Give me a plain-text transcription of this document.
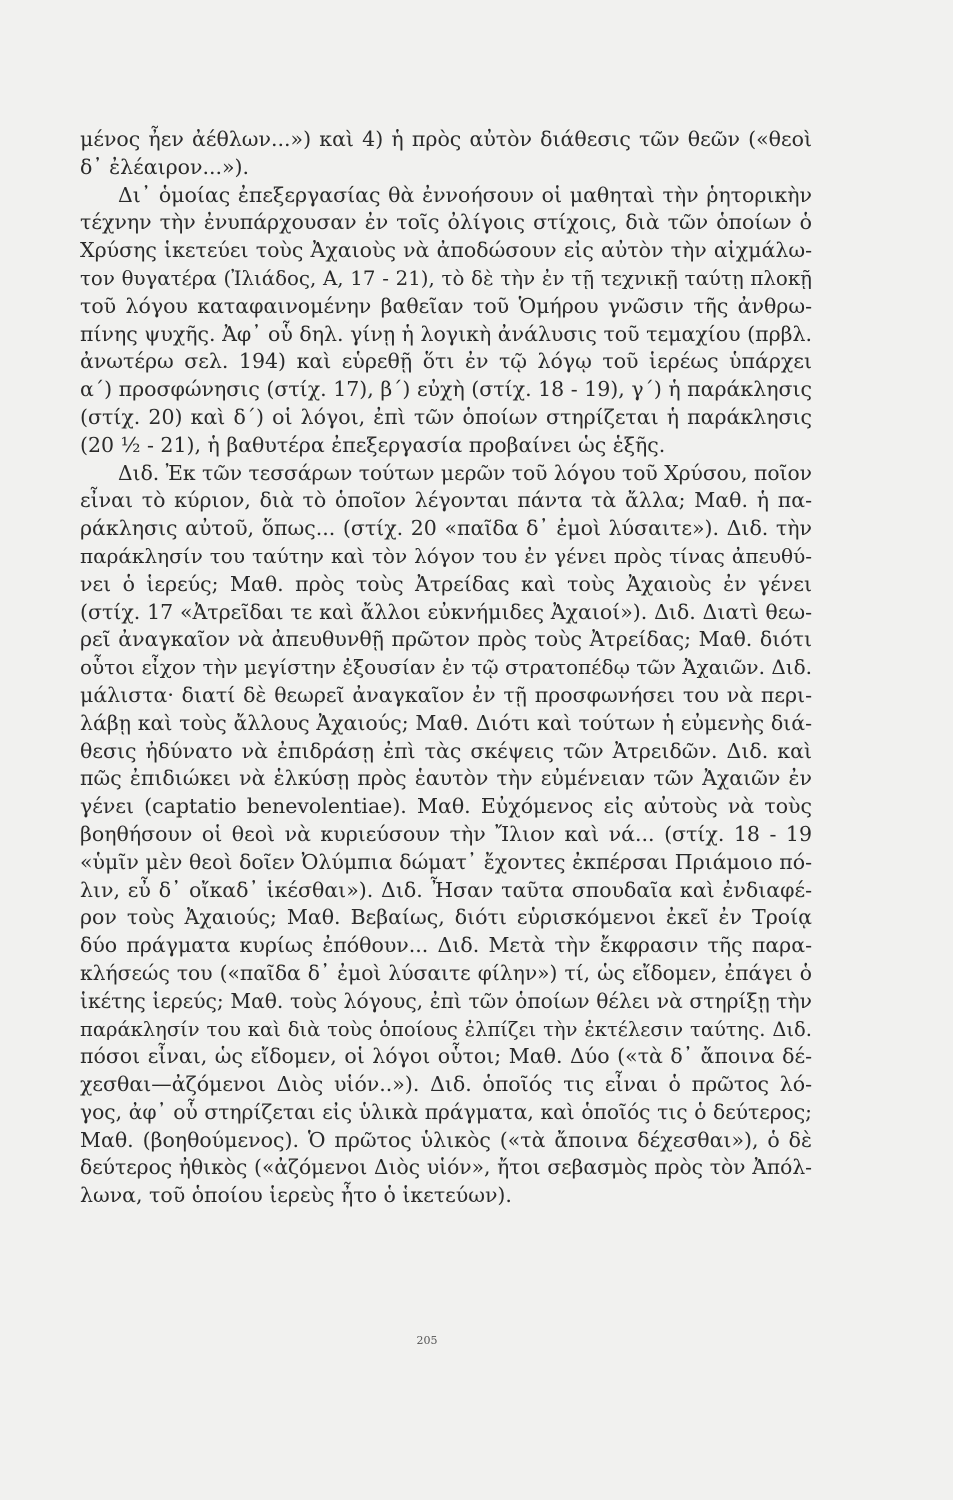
μένος ἦεν ἀέθλων...») καὶ 4) ἡ πρὸς αὐτὸν διάθεσις τῶν θεῶν («θεοὶ
δ᾿ ἐλέαιρον...»).
Δι᾿ ὁμοίας ἐπεξεργασίας θὰ ἐννοήσουν οἱ μαθηταὶ τὴν ῥητορικὴν
τέχνην τὴν ἐνυπάρχουσαν ἐν τοῖς ὀλίγοις στίχοις, διὰ τῶν ὁποίων ὁ
Χρύσης ἱκετεύει τοὺς Ἀχαιοὺς νὰ ἀποδώσουν εἰς αὐτὸν τὴν αἰχμάλω-
τον θυγατέρα (Ἰλιάδος, Α, 17 - 21), τὸ δὲ τὴν ἐν τῇ τεχνικῇ ταύτῃ πλοκῇ
τοῦ λόγου καταφαινομένην βαθεῖαν τοῦ Ὁμήρου γνῶσιν τῆς ἀνθρω-
πίνης ψυχῆς. Ἀφ᾿ οὗ δηλ. γίνῃ ἡ λογικὴ ἀνάλυσις τοῦ τεμαχίου (πρβλ.
ἀνωτέρω σελ. 194) καὶ εὑρεθῇ ὅτι ἐν τῷ λόγῳ τοῦ ἱερέως ὑπάρχει
α΄) προσφώνησις (στίχ. 17), β΄) εὐχὴ (στίχ. 18 - 19), γ΄) ἡ παράκλησις
(στίχ. 20) καὶ δ΄) οἱ λόγοι, ἐπὶ τῶν ὁποίων στηρίζεται ἡ παράκλησις
(20 ½ - 21), ἡ βαθυτέρα ἐπεξεργασία προβαίνει ὡς ἑξῆς.
Διδ. Ἐκ τῶν τεσσάρων τούτων μερῶν τοῦ λόγου τοῦ Χρύσου, ποῖον
εἶναι τὸ κύριον, διὰ τὸ ὁποῖον λέγονται πάντα τὰ ἄλλα; Μαθ. ἡ πα-
ράκλησις αὐτοῦ, ὅπως... (στίχ. 20 «παῖδα δ᾿ ἐμοὶ λύσαιτε»). Διδ. τὴν
παράκλησίν του ταύτην καὶ τὸν λόγον του ἐν γένει πρὸς τίνας ἀπευθύ-
νει ὁ ἱερεύς; Μαθ. πρὸς τοὺς Ἀτρείδας καὶ τοὺς Ἀχαιοὺς ἐν γένει
(στίχ. 17 «Ἀτρεῖδαι τε καὶ ἄλλοι εὐκνήμιδες Ἀχαιοί»). Διδ. Διατὶ θεω-
ρεῖ ἀναγκαῖον νὰ ἀπευθυνθῇ πρῶτον πρὸς τοὺς Ἀτρείδας; Μαθ. διότι
οὗτοι εἶχον τὴν μεγίστην ἐξουσίαν ἐν τῷ στρατοπέδῳ τῶν Ἀχαιῶν. Διδ.
μάλιστα· διατί δὲ θεωρεῖ ἀναγκαῖον ἐν τῇ προσφωνήσει του νὰ περι-
λάβῃ καὶ τοὺς ἄλλους Ἀχαιούς; Μαθ. Διότι καὶ τούτων ἡ εὐμενὴς διά-
θεσις ἠδύνατο νὰ ἐπιδράσῃ ἐπὶ τὰς σκέψεις τῶν Ἀτρειδῶν. Διδ. καὶ
πῶς ἐπιδιώκει νὰ ἑλκύσῃ πρὸς ἑαυτὸν τὴν εὐμένειαν τῶν Ἀχαιῶν ἐν
γένει (captatio benevolentiae). Μαθ. Εὐχόμενος εἰς αὐτοὺς νὰ τοὺς
βοηθήσουν οἱ θεοὶ νὰ κυριεύσουν τὴν Ἴλιον καὶ νά... (στίχ. 18 - 19
«ὑμῖν μὲν θεοὶ δοῖεν Ὀλύμπια δώματ᾿ ἔχοντες ἐκπέρσαι Πριάμοιο πό-
λιν, εὖ δ᾿ οἴκαδ᾿ ἱκέσθαι»). Διδ. Ἦσαν ταῦτα σπουδαῖα καὶ ἐνδιαφέ-
ρον τοὺς Ἀχαιούς; Μαθ. Βεβαίως, διότι εὑρισκόμενοι ἐκεῖ ἐν Τροίᾳ
δύο πράγματα κυρίως ἐπόθουν... Διδ. Μετὰ τὴν ἔκφρασιν τῆς παρα-
κλήσεώς του («παῖδα δ᾿ ἐμοὶ λύσαιτε φίλην») τί, ὡς εἴδομεν, ἐπάγει ὁ
ἱκέτης ἱερεύς; Μαθ. τοὺς λόγους, ἐπὶ τῶν ὁποίων θέλει νὰ στηρίξῃ τὴν
παράκλησίν του καὶ διὰ τοὺς ὁποίους ἐλπίζει τὴν ἐκτέλεσιν ταύτης. Διδ.
πόσοι εἶναι, ὡς εἴδομεν, οἱ λόγοι οὗτοι; Μαθ. Δύο («τὰ δ᾿ ἄποινα δέ-
χεσθαι—ἀζόμενοι Διὸς υἱόν..»). Διδ. ὁποῖός τις εἶναι ὁ πρῶτος λό-
γος, ἀφ᾿ οὗ στηρίζεται εἰς ὑλικὰ πράγματα, καὶ ὁποῖός τις ὁ δεύτερος;
Μαθ. (βοηθούμενος). Ὁ πρῶτος ὑλικὸς («τὰ ἄποινα δέχεσθαι»), ὁ δὲ
δεύτερος ἠθικὸς («ἀζόμενοι Διὸς υἱόν», ἤτοι σεβασμὸς πρὸς τὸν Ἀπόλ-
λωνα, τοῦ ὁποίου ἱερεὺς ἦτο ὁ ἱκετεύων).
205
